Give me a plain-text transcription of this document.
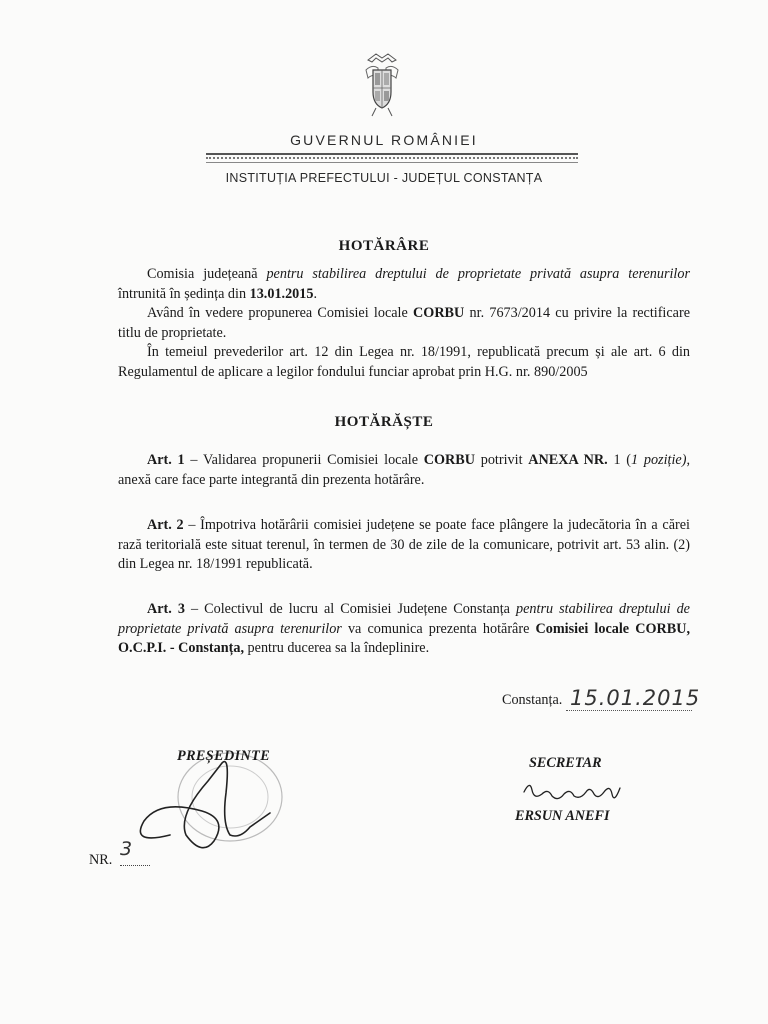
GUVERNUL ROMÂNIEI
INSTITUȚIA PREFECTULUI - JUDEȚUL CONSTANȚA
HOTĂRÂRE

Comisia județeană pentru stabilirea dreptului de proprietate privată asupra terenurilor întrunită în ședința din 13.01.2015.

Având în vedere propunerea Comisiei locale CORBU nr. 7673/2014 cu privire la rectificare titlu de proprietate.

În temeiul prevederilor art. 12 din Legea nr. 18/1991, republicată precum și ale art. 6 din Regulamentul de aplicare a legilor fondului funciar aprobat prin H.G. nr. 890/2005

HOTĂRĂȘTE
Art. 1 – Validarea propunerii Comisiei locale CORBU potrivit ANEXA NR. 1 (1 poziție), anexă care face parte integrantă din prezenta hotărâre.
Art. 2 – Împotriva hotărârii comisiei județene se poate face plângere la judecătoria în a cărei rază teritorială este situat terenul, în termen de 30 de zile de la comunicare, potrivit art. 53 alin. (2) din Legea nr. 18/1991 republicată.
Art. 3 – Colectivul de lucru al Comisiei Județene Constanța pentru stabilirea dreptului de proprietate privată asupra terenurilor va comunica prezenta hotărâre Comisiei locale CORBU, O.C.P.I. - Constanța, pentru ducerea sa la îndeplinire.
Constanța. 15.01.2015
PREȘEDINTE	SECRETAR
ERSUN ANEFI
NR. 3
